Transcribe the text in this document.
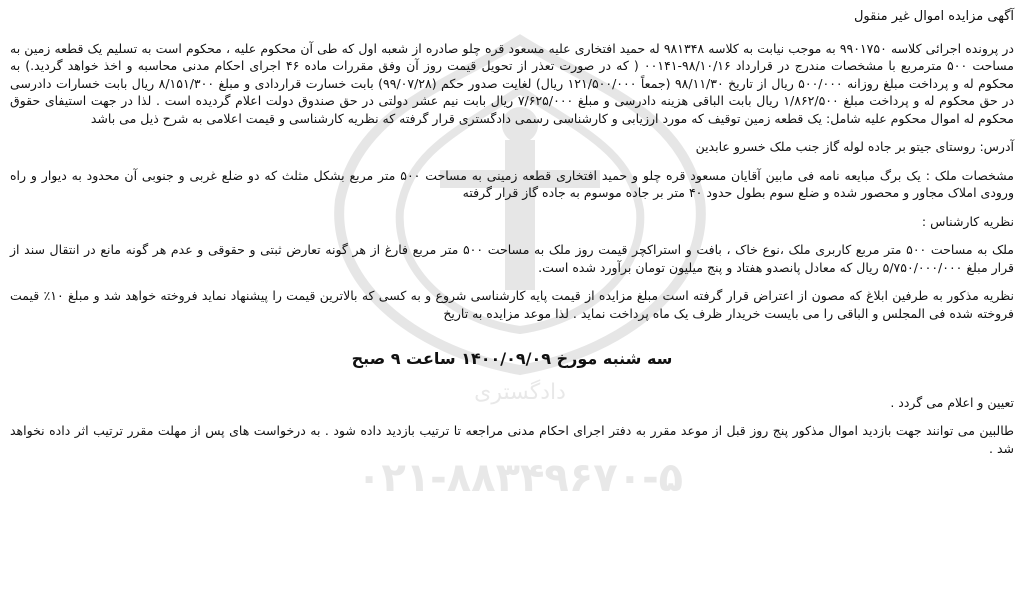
دادگستری
۰۲۱-۸۸۳۴۹۶۷۰-۵

آگهی مزایده اموال غیر منقول

در پرونده اجرائی کلاسه ۹۹۰۱۷۵۰ به موجب نیابت به کلاسه ۹۸۱۳۴۸ له حمید افتخاری علیه مسعود قره چلو صادره از شعبه اول که طی آن محکوم علیه ، محکوم است به تسلیم یک قطعه زمین به مساحت ۵۰۰ مترمربع با مشخصات مندرج در قرارداد ۹۸/۱۰/۱۶-۰۰۱۴۱ ( که در صورت تعذر از تحویل قیمت روز آن وفق مقررات ماده ۴۶ اجرای احکام مدنی محاسبه و اخذ خواهد گردید.) به محکوم له و پرداخت مبلغ روزانه ۵۰۰/۰۰۰ ریال از تاریخ ۹۸/۱۱/۳۰ (جمعاً ۱۲۱/۵۰۰/۰۰۰ ریال) لغایت صدور حکم (۹۹/۰۷/۲۸) بابت خسارت قراردادی و مبلغ ۸/۱۵۱/۳۰۰ ریال بابت خسارات دادرسی در حق محکوم له و پرداخت مبلغ ۱/۸۶۲/۵۰۰ ریال بابت الباقی هزینه دادرسی و مبلغ ۷/۶۲۵/۰۰۰ ریال بابت نیم عشر دولتی در حق صندوق دولت اعلام گردیده است . لذا در جهت استیفای حقوق محکوم له اموال محکوم علیه شامل: یک قطعه زمین توقیف که مورد ارزیابی و کارشناسی رسمی دادگستری قرار گرفته که نظریه کارشناسی و قیمت اعلامی به شرح ذیل می باشد

آدرس: روستای جیتو بر جاده لوله گاز جنب ملک خسرو عابدین

مشخصات ملک : یک برگ مبایعه نامه فی مابین آقایان مسعود قره چلو و حمید افتخاری قطعه زمینی به مساحت ۵۰۰ متر مربع بشکل مثلث که دو ضلع غربی و جنوبی آن محدود به دیوار و راه ورودی املاک مجاور و محصور شده و ضلع سوم بطول حدود ۴۰ متر بر جاده موسوم به جاده گاز قرار گرفته

نظریه کارشناس :

ملک به مساحت ۵۰۰ متر مربع کاربری ملک ،نوع خاک ، بافت و استراکچر قیمت روز ملک به مساحت ۵۰۰ متر مربع فارغ از هر گونه تعارض ثبتی و حقوقی و عدم هر گونه مانع در انتقال سند از قرار مبلغ ۵/۷۵۰/۰۰۰/۰۰۰ ریال که معادل پانصدو هفتاد و پنج میلیون تومان برآورد شده است.

نظریه مذکور به طرفین ابلاغ که مصون از اعتراض قرار گرفته است مبلغ مزایده از قیمت پایه کارشناسی شروع و به کسی که بالاترین قیمت را پیشنهاد نماید فروخته خواهد شد و مبلغ ۱۰٪ قیمت فروخته شده فی المجلس و الباقی را می بایست خریدار ظرف یک ماه پرداخت نماید . لذا موعد مزایده به تاریخ

سه شنبه مورخ ۱۴۰۰/۰۹/۰۹ ساعت ۹ صبح

تعیین و اعلام می گردد .

طالبین می توانند جهت بازدید اموال مذکور پنج روز قبل از موعد مقرر به دفتر اجرای احکام مدنی مراجعه تا ترتیب بازدید داده شود . به درخواست های پس از مهلت مقرر ترتیب اثر داده نخواهد شد .
